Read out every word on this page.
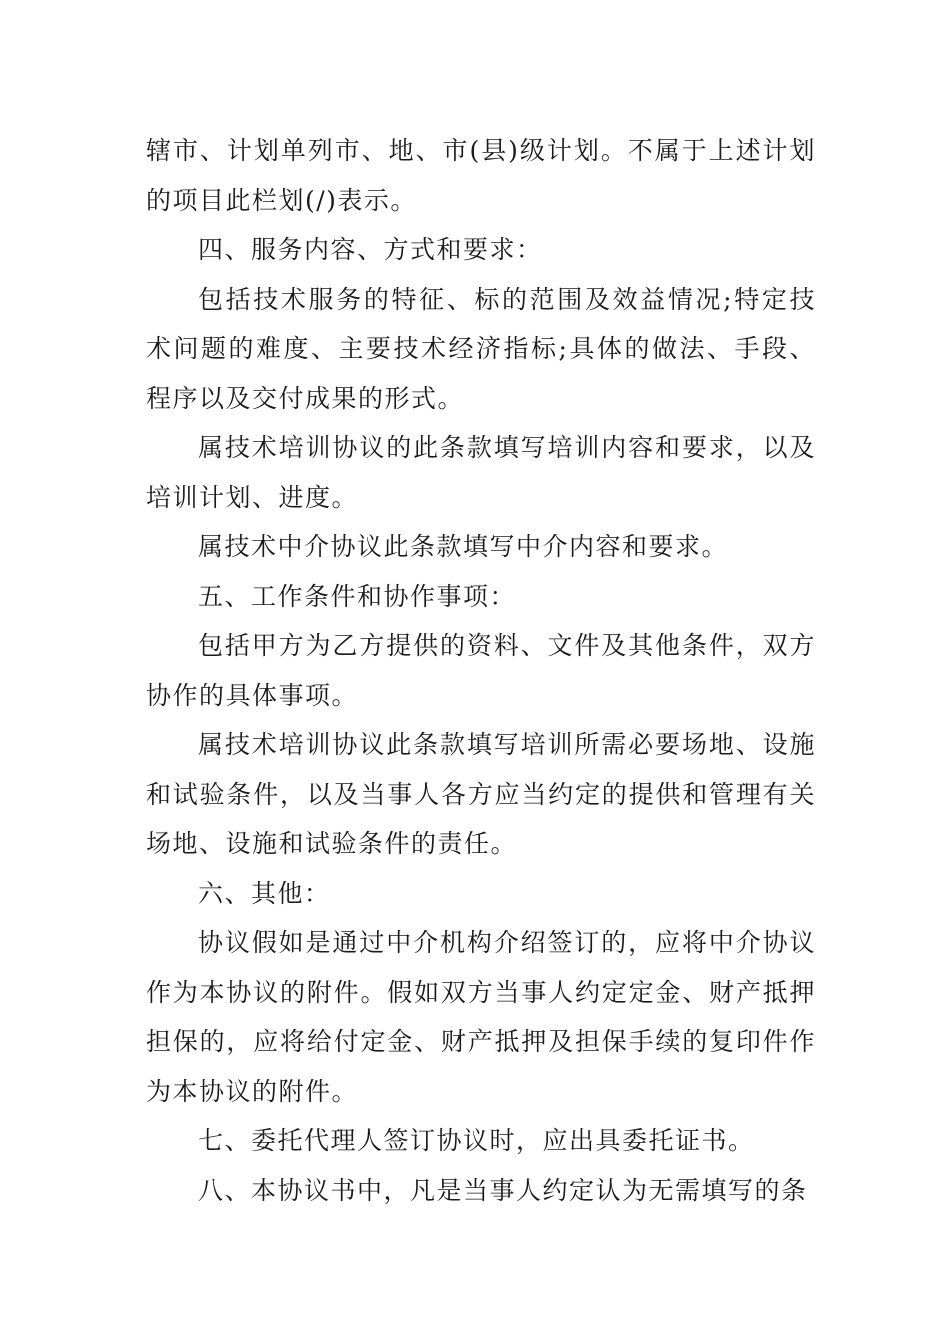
辖市、计划单列市、地、市(县)级计划。不属于上述计划的项目此栏划(/)表示。

四、服务内容、方式和要求：

包括技术服务的特征、标的范围及效益情况;特定技术问题的难度、主要技术经济指标;具体的做法、手段、程序以及交付成果的形式。

属技术培训协议的此条款填写培训内容和要求，以及培训计划、进度。

属技术中介协议此条款填写中介内容和要求。

五、工作条件和协作事项：

包括甲方为乙方提供的资料、文件及其他条件，双方协作的具体事项。

属技术培训协议此条款填写培训所需必要场地、设施和试验条件，以及当事人各方应当约定的提供和管理有关场地、设施和试验条件的责任。

六、其他：

协议假如是通过中介机构介绍签订的，应将中介协议作为本协议的附件。假如双方当事人约定定金、财产抵押担保的，应将给付定金、财产抵押及担保手续的复印件作为本协议的附件。

七、委托代理人签订协议时，应出具委托证书。

八、本协议书中，凡是当事人约定认为无需填写的条
